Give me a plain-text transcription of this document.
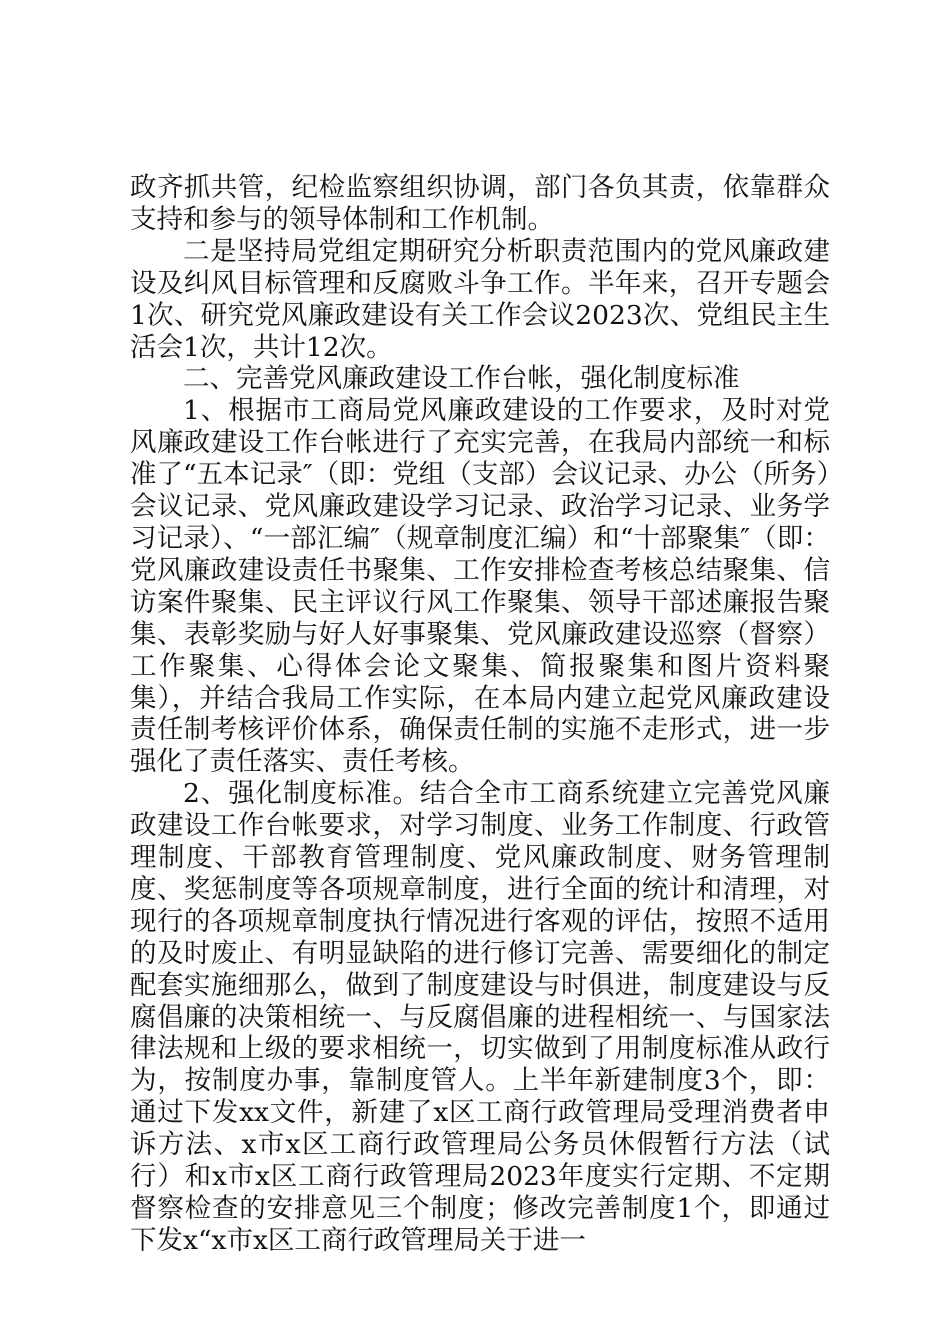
政齐抓共管，纪检监察组织协调，部门各负其责，依靠群众支持和参与的领导体制和工作机制。

二是坚持局党组定期研究分析职责范围内的党风廉政建设及纠风目标管理和反腐败斗争工作。半年来，召开专题会1次、研究党风廉政建设有关工作会议2023次、党组民主生活会1次，共计12次。

二、完善党风廉政建设工作台帐，强化制度标准

1、根据市工商局党风廉政建设的工作要求，及时对党风廉政建设工作台帐进行了充实完善，在我局内部统一和标准了“五本记录″（即：党组（支部）会议记录、办公（所务）会议记录、党风廉政建设学习记录、政治学习记录、业务学习记录）、“一部汇编″（规章制度汇编）和“十部聚集″（即：党风廉政建设责任书聚集、工作安排检查考核总结聚集、信访案件聚集、民主评议行风工作聚集、领导干部述廉报告聚集、表彰奖励与好人好事聚集、党风廉政建设巡察（督察）工作聚集、心得体会论文聚集、简报聚集和图片资料聚集），并结合我局工作实际，在本局内建立起党风廉政建设责任制考核评价体系，确保责任制的实施不走形式，进一步强化了责任落实、责任考核。

2、强化制度标准。结合全市工商系统建立完善党风廉政建设工作台帐要求，对学习制度、业务工作制度、行政管理制度、干部教育管理制度、党风廉政制度、财务管理制度、奖惩制度等各项规章制度，进行全面的统计和清理，对现行的各项规章制度执行情况进行客观的评估，按照不适用的及时废止、有明显缺陷的进行修订完善、需要细化的制定配套实施细那么，做到了制度建设与时俱进，制度建设与反腐倡廉的决策相统一、与反腐倡廉的进程相统一、与国家法律法规和上级的要求相统一，切实做到了用制度标准从政行为，按制度办事，靠制度管人。上半年新建制度3个，即：通过下发xx文件，新建了x区工商行政管理局受理消费者申诉方法、x市x区工商行政管理局公务员休假暂行方法（试行）和x市x区工商行政管理局2023年度实行定期、不定期督察检查的安排意见三个制度；修改完善制度1个，即通过下发x“x市x区工商行政管理局关于进一
